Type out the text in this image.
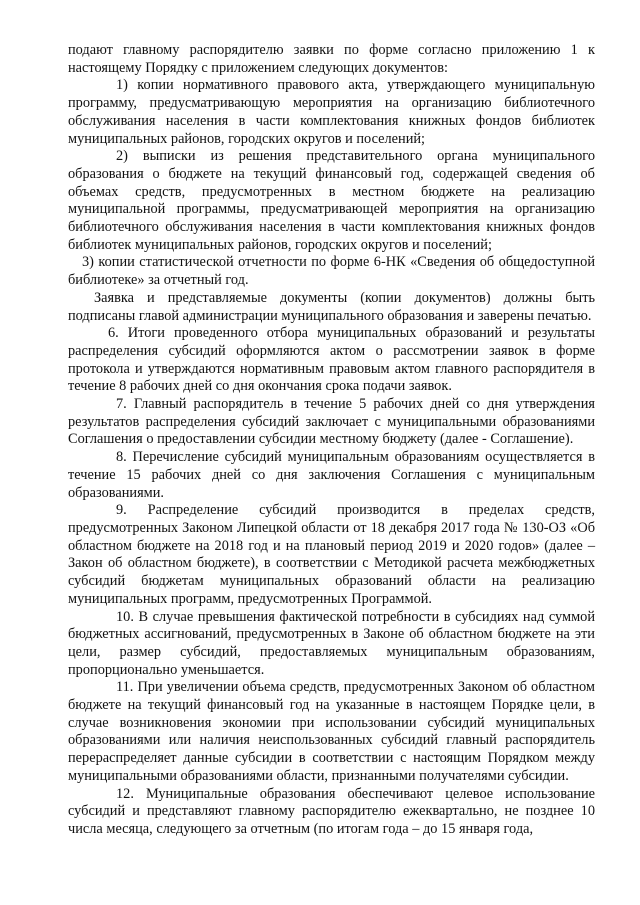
подают главному распорядителю заявки по форме согласно приложению 1 к настоящему Порядку с приложением следующих документов:

1) копии нормативного правового акта, утверждающего муниципальную программу, предусматривающую мероприятия на организацию библиотечного обслуживания населения в части комплектования книжных фондов библиотек муниципальных районов, городских округов и поселений;

2) выписки из решения представительного органа муниципального образования о бюджете на текущий финансовый год, содержащей сведения об объемах средств, предусмотренных в местном бюджете на реализацию муниципальной программы, предусматривающей мероприятия на организацию библиотечного обслуживания населения в части комплектования книжных фондов библиотек муниципальных районов, городских округов и поселений;

3) копии статистической отчетности по форме 6-НК «Сведения об общедоступной библиотеке» за отчетный год.

Заявка и представляемые документы (копии документов) должны быть подписаны главой администрации муниципального образования и заверены печатью.

6. Итоги проведенного отбора муниципальных образований и результаты распределения субсидий оформляются актом о рассмотрении заявок в форме протокола и утверждаются нормативным правовым актом главного распорядителя в течение 8 рабочих дней со дня окончания срока подачи заявок.

7. Главный распорядитель в течение 5 рабочих дней со дня утверждения результатов распределения субсидий заключает с муниципальными образованиями Соглашения о предоставлении субсидии местному бюджету (далее - Соглашение).

8. Перечисление субсидий муниципальным образованиям осуществляется в течение 15 рабочих дней со дня заключения Соглашения с муниципальным образованиями.

9. Распределение субсидий производится в пределах средств, предусмотренных Законом Липецкой области от 18 декабря 2017 года № 130-ОЗ «Об областном бюджете на 2018 год и на плановый период 2019 и 2020 годов» (далее – Закон об областном бюджете), в соответствии с Методикой расчета межбюджетных субсидий бюджетам муниципальных образований области на реализацию муниципальных программ, предусмотренных Программой.

10. В случае превышения фактической потребности в субсидиях над суммой бюджетных ассигнований, предусмотренных в Законе об областном бюджете на эти цели, размер субсидий, предоставляемых муниципальным образованиям, пропорционально уменьшается.

11. При увеличении объема средств, предусмотренных Законом об областном бюджете на текущий финансовый год на указанные в настоящем Порядке цели, в случае возникновения экономии при использовании субсидий муниципальных образованиями или наличия неиспользованных субсидий главный распорядитель перераспределяет данные субсидии в соответствии с настоящим Порядком между муниципальными образованиями области, признанными получателями субсидии.

12. Муниципальные образования обеспечивают целевое использование субсидий и представляют главному распорядителю ежеквартально, не позднее 10 числа месяца, следующего за отчетным (по итогам года – до 15 января года,
